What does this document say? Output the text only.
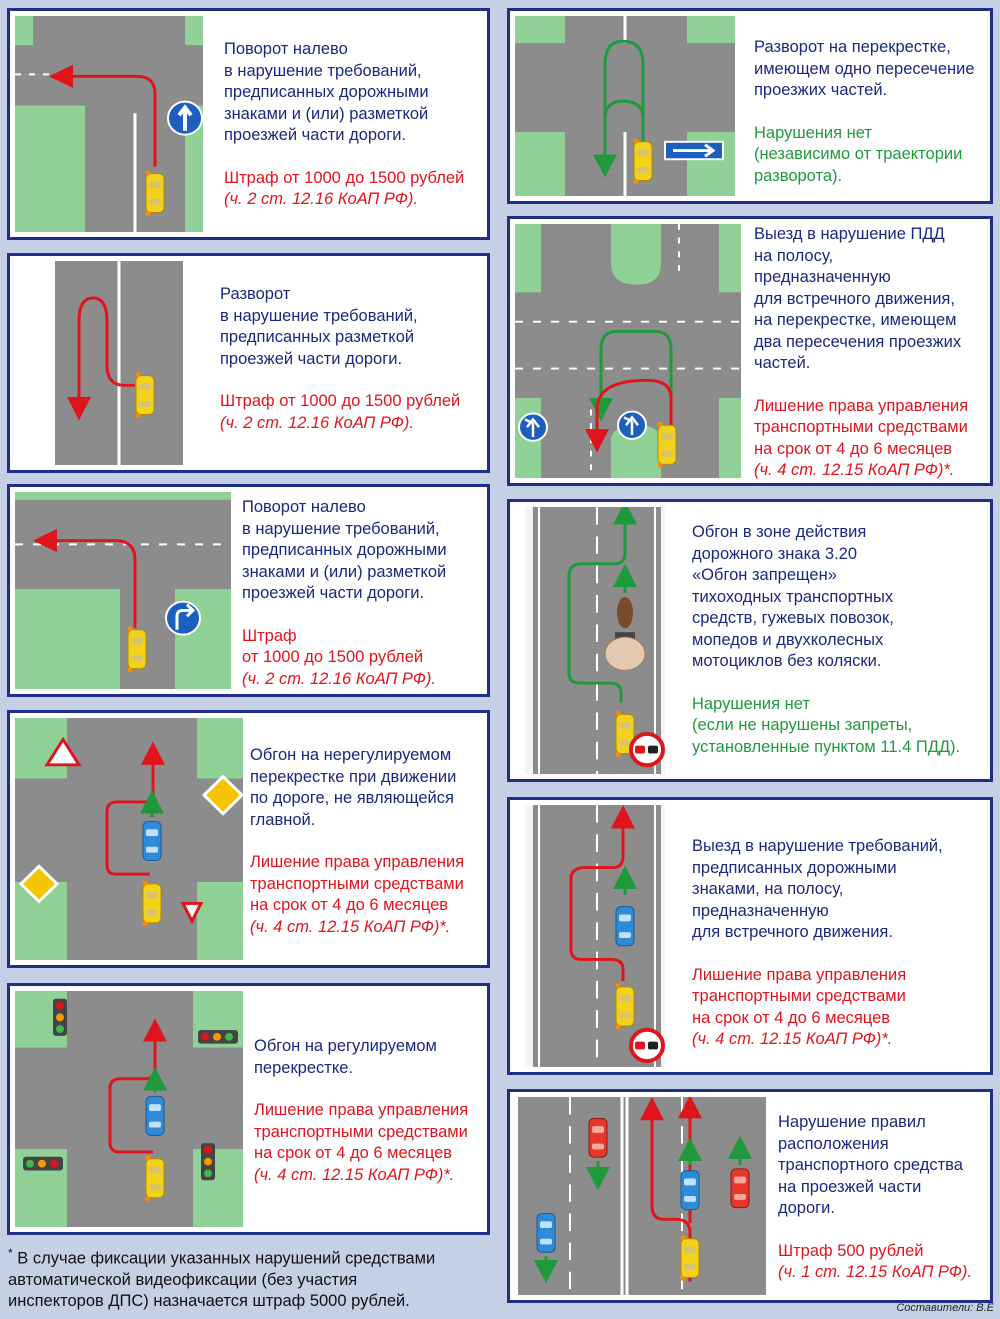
Поворот налево
в нарушение требований,
предписанных дорожными
знаками и (или) разметкой
проезжей части дороги.

Штраф от 1000 до 1500 рублей

(ч. 2 ст. 12.16 КоАП РФ).

Разворот
в нарушение требований,
предписанных разметкой
проезжей части дороги.

Штраф от 1000 до 1500 рублей

(ч. 2 ст. 12.16 КоАП РФ).

Поворот налево
в нарушение требований,
предписанных дорожными
знаками и (или) разметкой
проезжей части дороги.

Штраф
от 1000 до 1500 рублей

(ч. 2 ст. 12.16 КоАП РФ).

Обгон на нерегулируемом
перекрестке при движении
по дороге, не являющейся
главной.

Лишение права управления
транспортными средствами
на срок от 4 до 6 месяцев

(ч. 4 ст. 12.15 КоАП РФ)*.

Обгон на регулируемом
перекрестке.

Лишение права управления
транспортными средствами
на срок от 4 до 6 месяцев

(ч. 4 ст. 12.15 КоАП РФ)*.

Разворот на перекрестке,
имеющем одно пересечение
проезжих частей.

Нарушения нет
(независимо от траектории
разворота).

Выезд в нарушение ПДД
на полосу,
предназначенную
для встречного движения,
на перекрестке, имеющем
два пересечения проезжих
частей.

Лишение права управления
транспортными средствами
на срок от 4 до 6 месяцев

(ч. 4 ст. 12.15 КоАП РФ)*.

Обгон в зоне действия
дорожного знака 3.20
«Обгон запрещен»
тихоходных транспортных
средств, гужевых повозок,
мопедов и двухколесных
мотоциклов без коляски.

Нарушения нет
(если не нарушены запреты,
установленные пунктом 11.4 ПДД).

Выезд в нарушение требований,
предписанных дорожными
знаками, на полосу,
предназначенную
для встречного движения.

Лишение права управления
транспортными средствами
на срок от 4 до 6 месяцев

(ч. 4 ст. 12.15 КоАП РФ)*.

Нарушение правил
расположения
транспортного средства
на проезжей части
дороги.

Штраф 500 рублей

(ч. 1 ст. 12.15 КоАП РФ).

* В случае фиксации указанных нарушений средствами
автоматической видеофиксации (без участия
инспекторов ДПС) назначается штраф 5000 рублей.	Составители: В.Е
